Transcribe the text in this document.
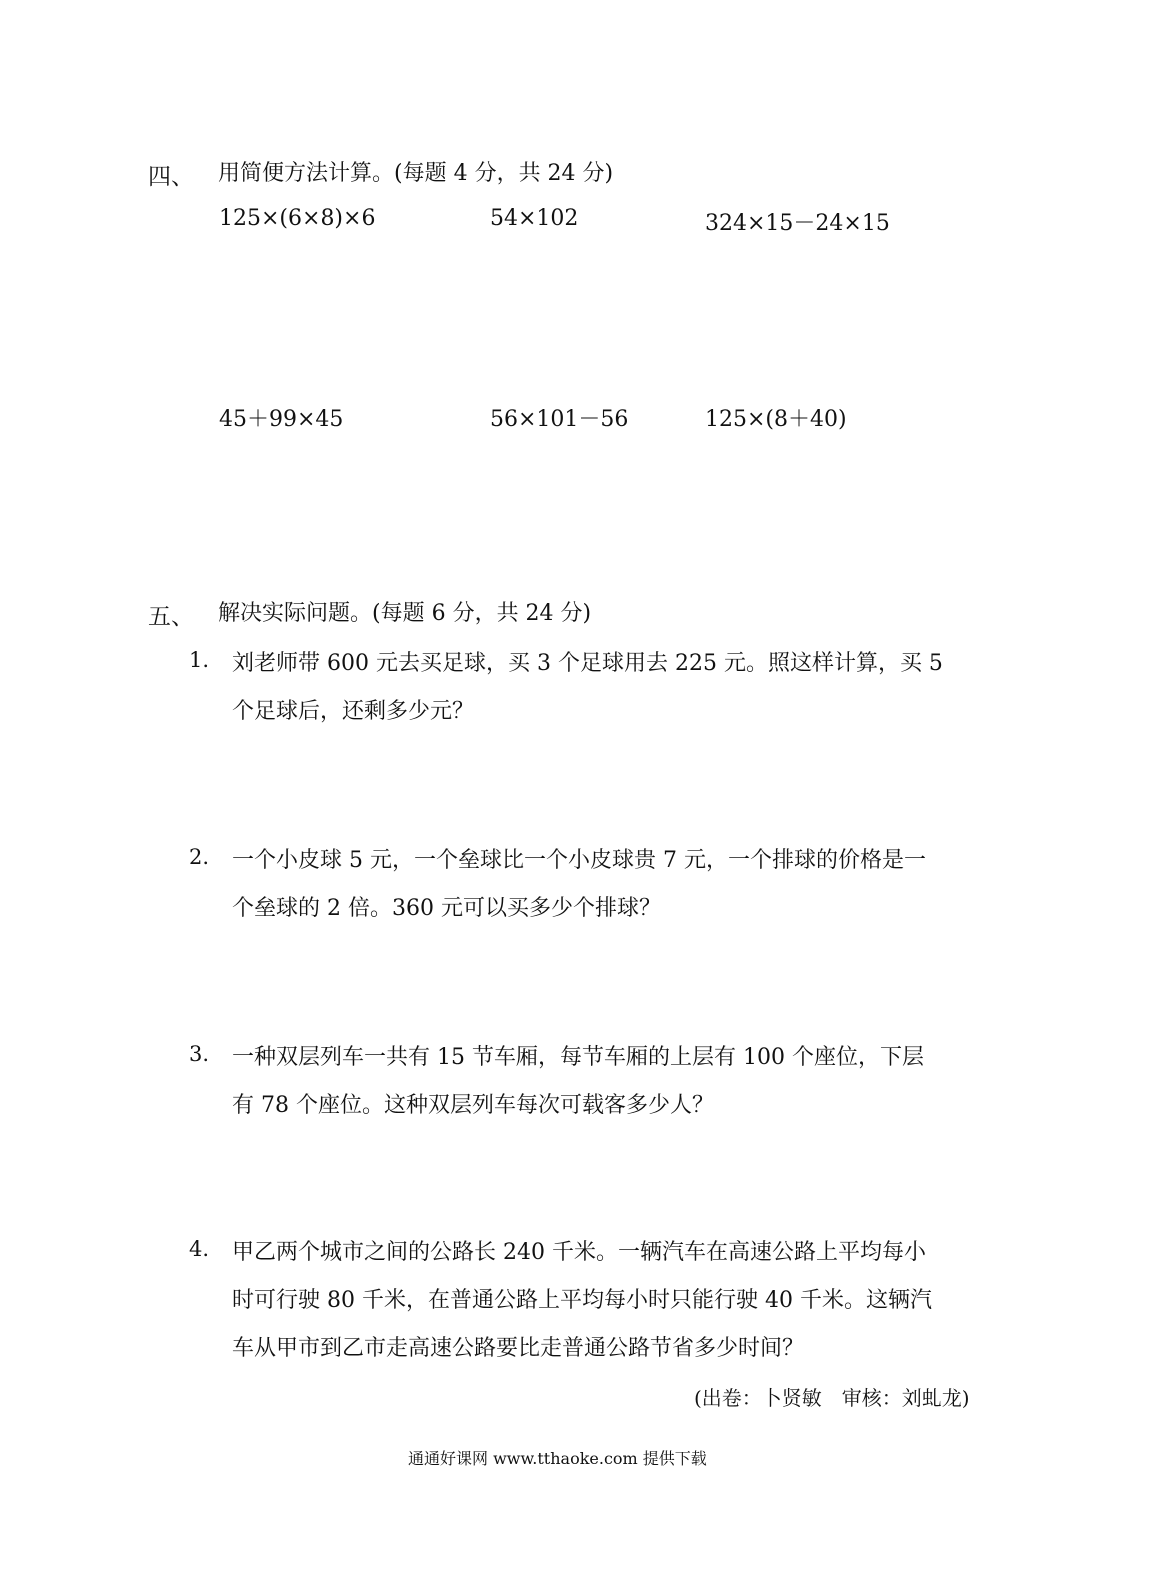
四、 用简便方法计算。(每题 4 分，共 24 分)
125×(6×8)×6	54×102	324×15－24×15
45＋99×45	56×101－56	125×(8＋40)
五、 解决实际问题。(每题 6 分，共 24 分)
1. 刘老师带 600 元去买足球，买 3 个足球用去 225 元。照这样计算，买 5
个足球后，还剩多少元？
2. 一个小皮球 5 元，一个垒球比一个小皮球贵 7 元，一个排球的价格是一
个垒球的 2 倍。360 元可以买多少个排球？
3. 一种双层列车一共有 15 节车厢，每节车厢的上层有 100 个座位，下层
有 78 个座位。这种双层列车每次可载客多少人？
4. 甲乙两个城市之间的公路长 240 千米。一辆汽车在高速公路上平均每小
时可行驶 80 千米，在普通公路上平均每小时只能行驶 40 千米。这辆汽
车从甲市到乙市走高速公路要比走普通公路节省多少时间？
(出卷：卜贤敏　审核：刘虬龙)
通通好课网 www.tthaoke.com 提供下载
